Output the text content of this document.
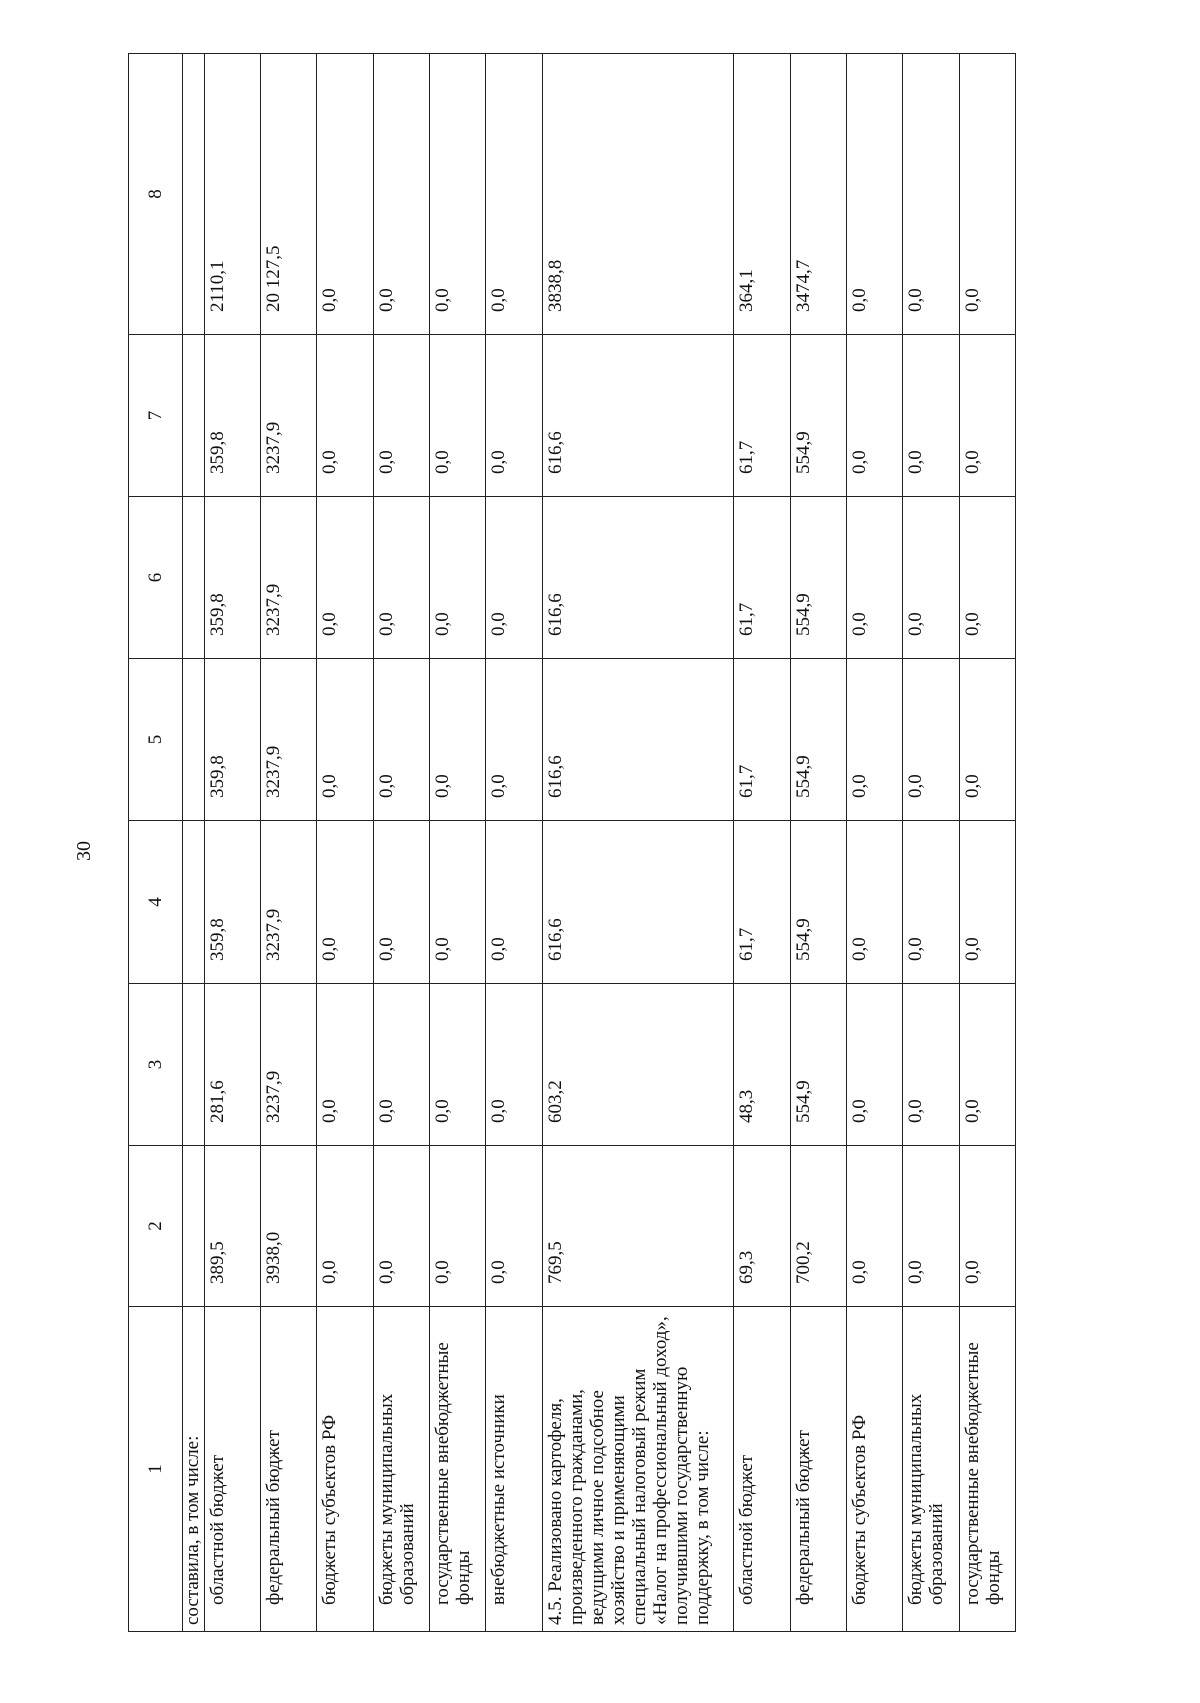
30
1	2	3	4	5	6	7	8
составила, в том числе:							
областной бюджет	389,5	281,6	359,8	359,8	359,8	359,8	2110,1
федеральный бюджет	3938,0	3237,9	3237,9	3237,9	3237,9	3237,9	20 127,5
бюджеты субъектов РФ	0,0	0,0	0,0	0,0	0,0	0,0	0,0
бюджеты муниципальных образований	0,0	0,0	0,0	0,0	0,0	0,0	0,0
государственные внебюджетные фонды	0,0	0,0	0,0	0,0	0,0	0,0	0,0
внебюджетные источники	0,0	0,0	0,0	0,0	0,0	0,0	0,0
4.5. Реализовано картофеля, произведенного гражданами, ведущими личное подсобное хозяйство и применяющими специальный налоговый режим «Налог на профессиональный доход», получившими государственную поддержку, в том числе:	769,5	603,2	616,6	616,6	616,6	616,6	3838,8
областной бюджет	69,3	48,3	61,7	61,7	61,7	61,7	364,1
федеральный бюджет	700,2	554,9	554,9	554,9	554,9	554,9	3474,7
бюджеты субъектов РФ	0,0	0,0	0,0	0,0	0,0	0,0	0,0
бюджеты муниципальных образований	0,0	0,0	0,0	0,0	0,0	0,0	0,0
государственные внебюджетные фонды	0,0	0,0	0,0	0,0	0,0	0,0	0,0
